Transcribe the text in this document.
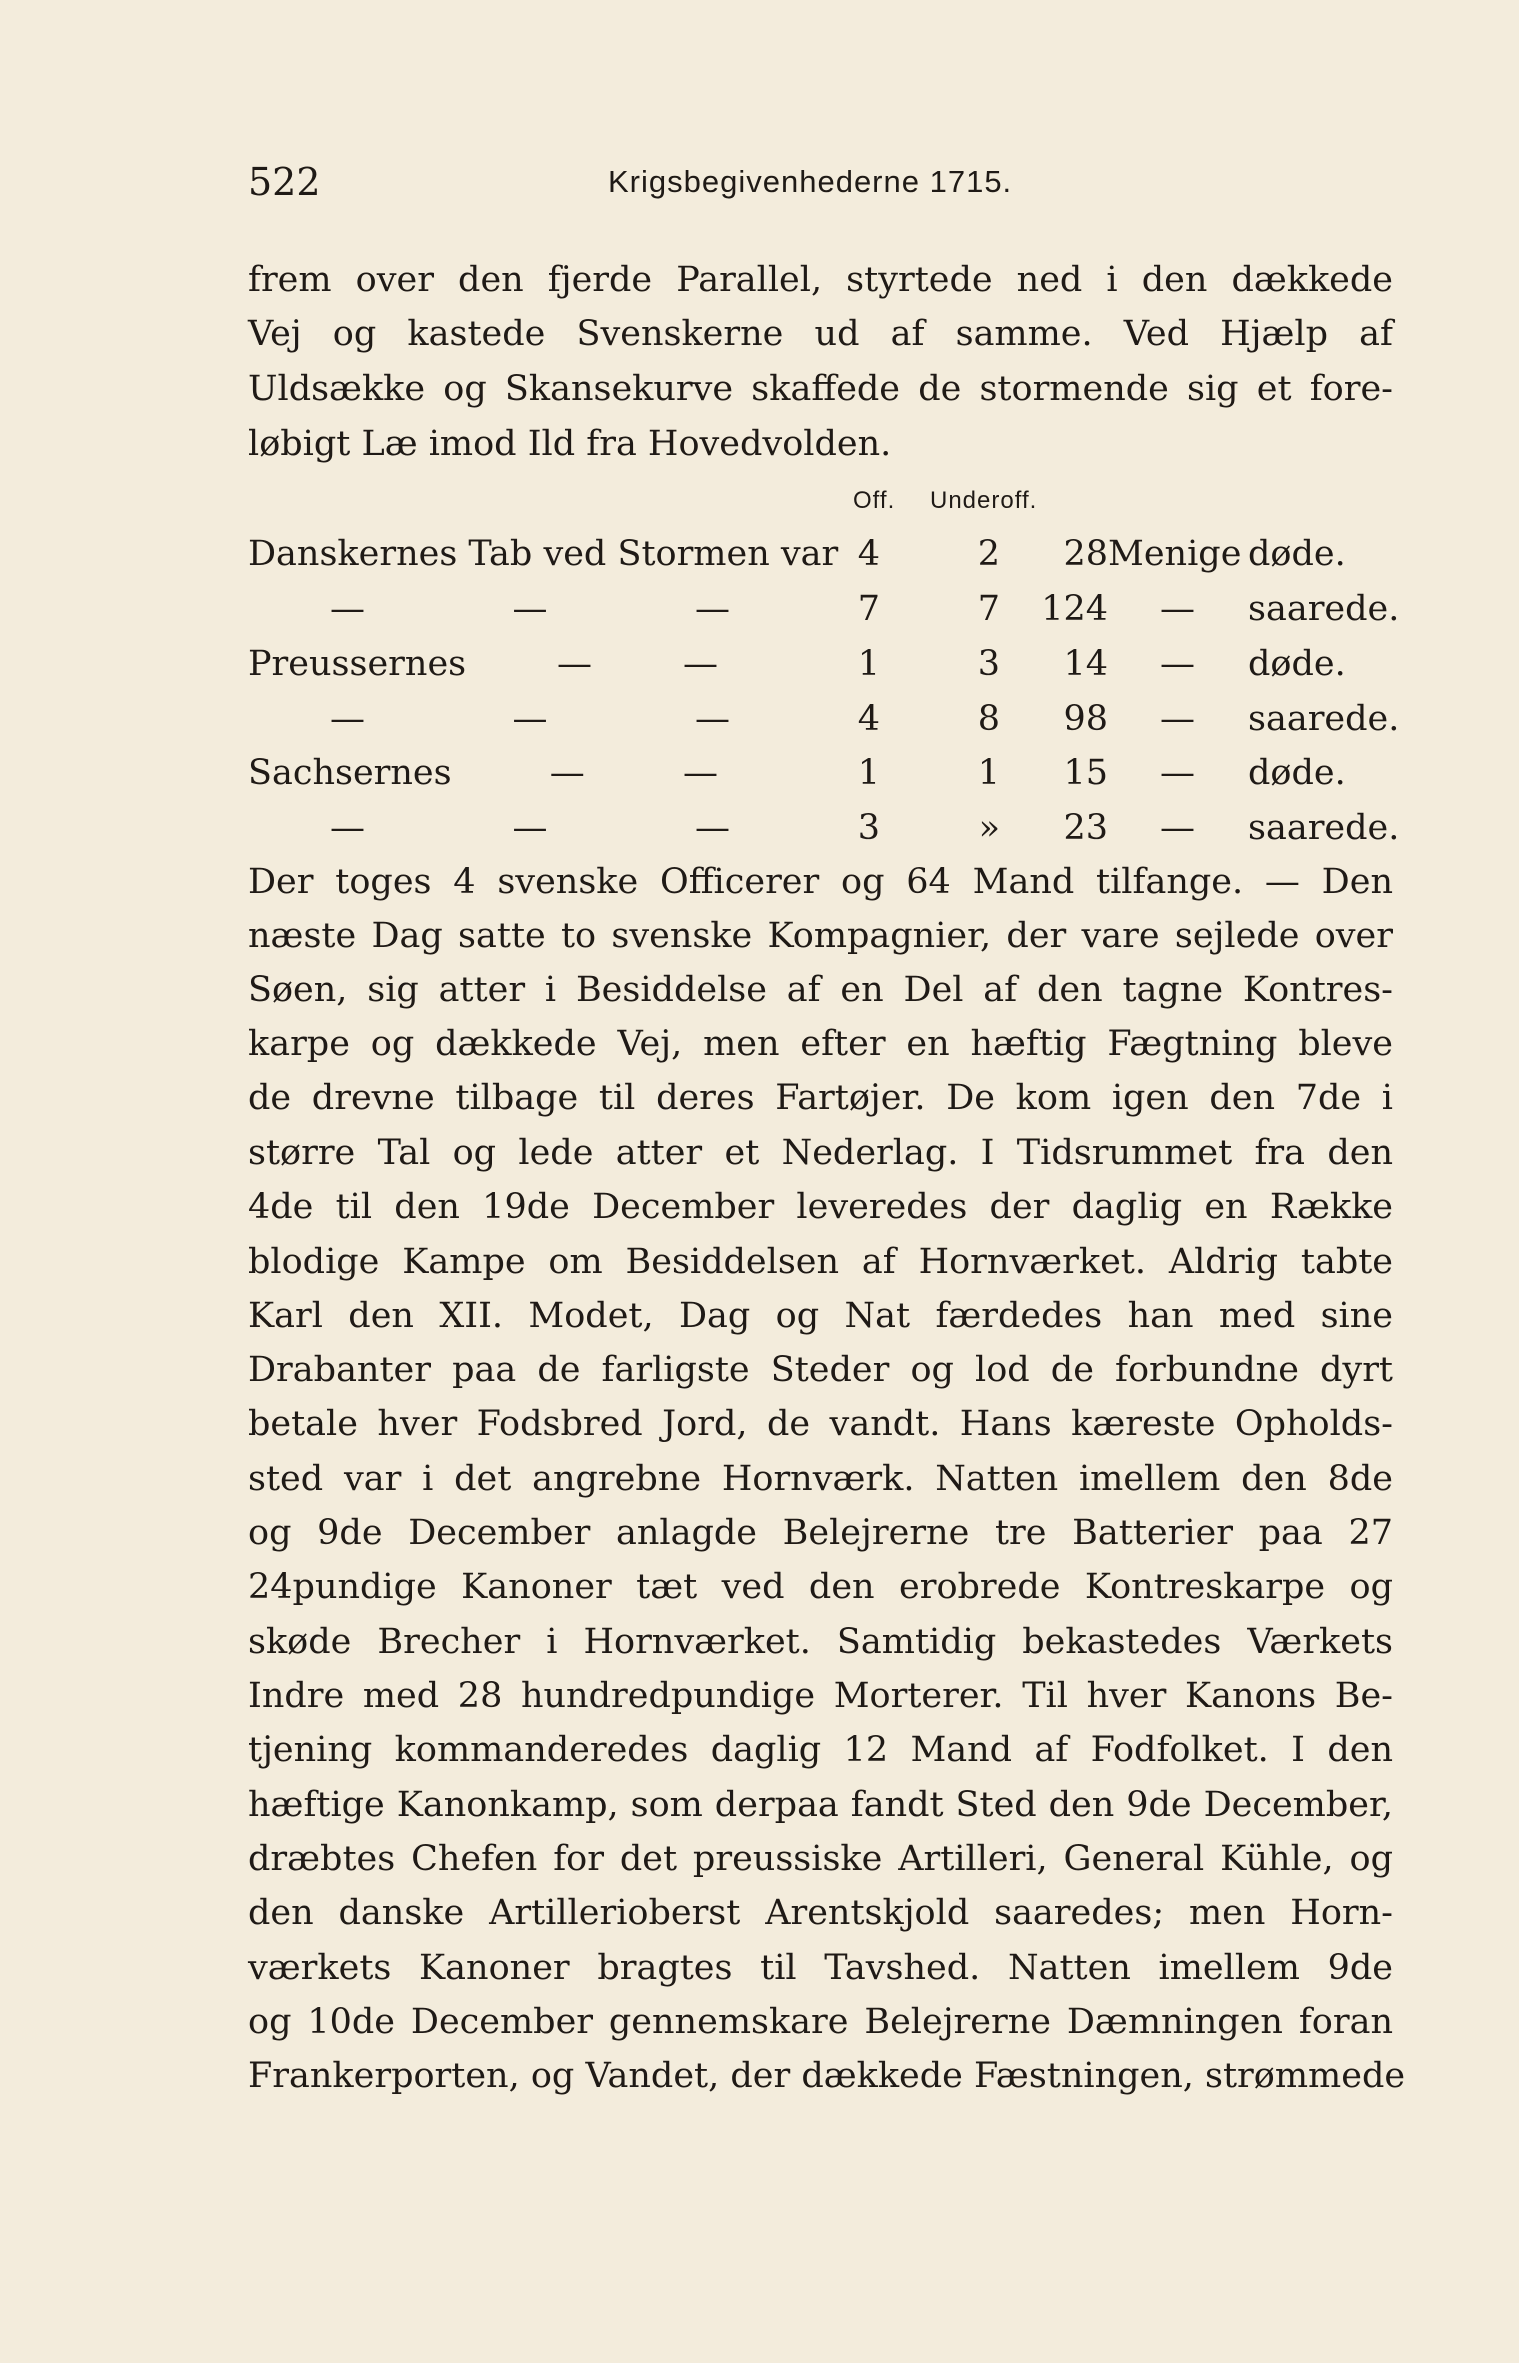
522	Krigsbegivenhederne 1715.
frem over den fjerde Parallel, styrtede ned i den dækkede
Vej og kastede Svenskerne ud af samme. Ved Hjælp af
Uldsække og Skansekurve skaffede de stormende sig et fore-
løbigt Læ imod Ild fra Hovedvolden.
Off. Underoff.
Danskernes Tab ved Stormen var 4	2	28 Menige døde.
— — —	7	7 124 —	saarede.
Preussernes — —	1	3	14 —	døde.
— — —	4	8	98 —	saarede.
Sachsernes — —	1	1	15 —	døde.
— — —	3	»	23 —	saarede.
Der toges 4 svenske Officerer og 64 Mand tilfange. — Den
næste Dag satte to svenske Kompagnier, der vare sejlede over
Søen, sig atter i Besiddelse af en Del af den tagne Kontres-
karpe og dækkede Vej, men efter en hæftig Fægtning bleve
de drevne tilbage til deres Fartøjer. De kom igen den 7de i
større Tal og lede atter et Nederlag. I Tidsrummet fra den
4de til den 19de December leveredes der daglig en Række
blodige Kampe om Besiddelsen af Hornværket. Aldrig tabte
Karl den XII. Modet, Dag og Nat færdedes han med sine
Drabanter paa de farligste Steder og lod de forbundne dyrt
betale hver Fodsbred Jord, de vandt. Hans kæreste Opholds-
sted var i det angrebne Hornværk. Natten imellem den 8de
og 9de December anlagde Belejrerne tre Batterier paa 27
24pundige Kanoner tæt ved den erobrede Kontreskarpe og
skøde Brecher i Hornværket. Samtidig bekastedes Værkets
Indre med 28 hundredpundige Morterer. Til hver Kanons Be-
tjening kommanderedes daglig 12 Mand af Fodfolket. I den
hæftige Kanonkamp, som derpaa fandt Sted den 9de December,
dræbtes Chefen for det preussiske Artilleri, General Kühle, og
den danske Artillerioberst Arentskjold saaredes; men Horn-
værkets Kanoner bragtes til Tavshed. Natten imellem 9de
og 10de December gennemskare Belejrerne Dæmningen foran
Frankerporten, og Vandet, der dækkede Fæstningen, strømmede
